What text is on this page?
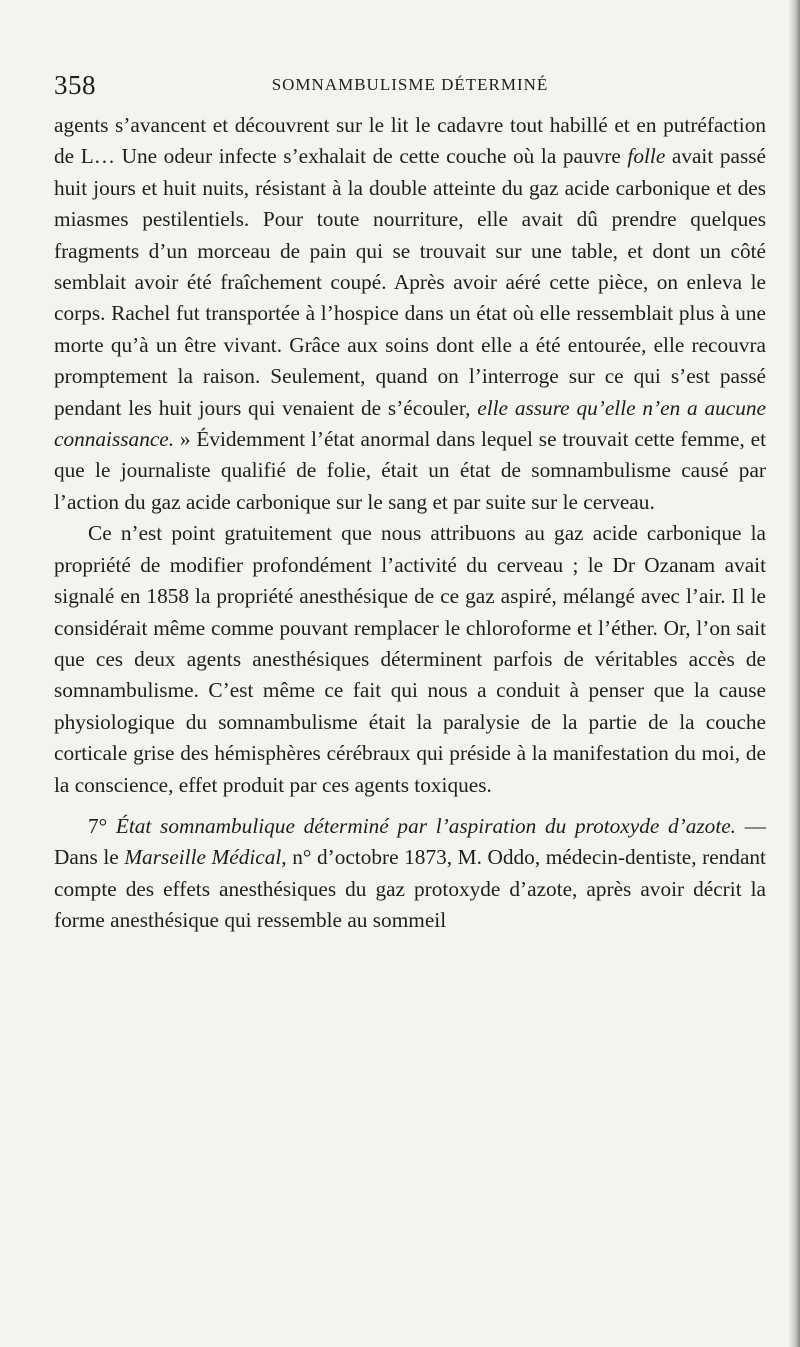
358	SOMNAMBULISME DÉTERMINÉ

agents s’avancent et découvrent sur le lit le cadavre tout habillé et en putréfaction de L… Une odeur infecte s’exhalait de cette couche où la pauvre folle avait passé huit jours et huit nuits, résistant à la double atteinte du gaz acide carbonique et des miasmes pestilentiels. Pour toute nourriture, elle avait dû prendre quelques fragments d’un morceau de pain qui se trouvait sur une table, et dont un côté semblait avoir été fraîchement coupé. Après avoir aéré cette pièce, on enleva le corps. Rachel fut transportée à l’hospice dans un état où elle ressemblait plus à une morte qu’à un être vivant. Grâce aux soins dont elle a été entourée, elle recouvra promptement la raison. Seulement, quand on l’interroge sur ce qui s’est passé pendant les huit jours qui venaient de s’écouler, elle assure qu’elle n’en a aucune connaissance. » Évidemment l’état anormal dans lequel se trouvait cette femme, et que le journaliste qualifié de folie, était un état de somnambulisme causé par l’action du gaz acide carbonique sur le sang et par suite sur le cerveau.

Ce n’est point gratuitement que nous attribuons au gaz acide carbonique la propriété de modifier profondément l’activité du cerveau ; le Dr Ozanam avait signalé en 1858 la propriété anesthésique de ce gaz aspiré, mélangé avec l’air. Il le considérait même comme pouvant remplacer le chloroforme et l’éther. Or, l’on sait que ces deux agents anesthésiques déterminent parfois de véritables accès de somnambulisme. C’est même ce fait qui nous a conduit à penser que la cause physiologique du somnambulisme était la paralysie de la partie de la couche corticale grise des hémisphères cérébraux qui préside à la manifestation du moi, de la conscience, effet produit par ces agents toxiques.

7° État somnambulique déterminé par l’aspiration du protoxyde d’azote. — Dans le Marseille Médical, n° d’octobre 1873, M. Oddo, médecin-dentiste, rendant compte des effets anesthésiques du gaz protoxyde d’azote, après avoir décrit la forme anesthésique qui ressemble au sommeil
